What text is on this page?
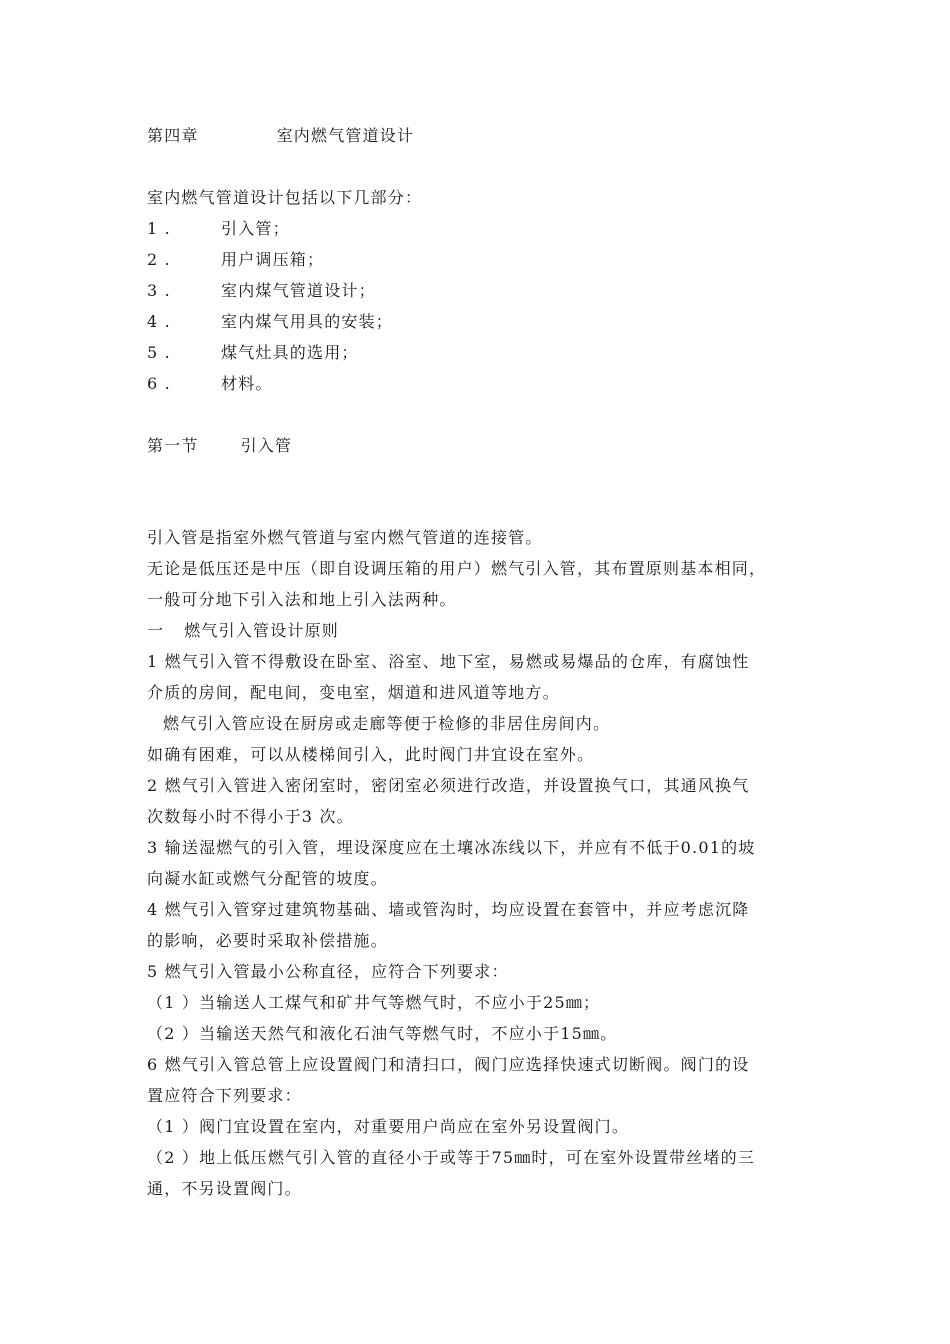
第四章	室内燃气管道设计
室内燃气管道设计包括以下几部分：
1 .	引入管；
2 .	用户调压箱；
3 .	室内煤气管道设计；
4 .	室内煤气用具的安装；
5 .	煤气灶具的选用；
6 .	材料。
第一节	引入管
引入管是指室外燃气管道与室内燃气管道的连接管。
无论是低压还是中压（即自设调压箱的用户）燃气引入管，其布置原则基本相同，
一般可分地下引入法和地上引入法两种。
一 燃气引入管设计原则
1 燃气引入管不得敷设在卧室、浴室、地下室，易燃或易爆品的仓库，有腐蚀性
介质的房间，配电间，变电室，烟道和进风道等地方。
燃气引入管应设在厨房或走廊等便于检修的非居住房间内。
如确有困难，可以从楼梯间引入，此时阀门井宜设在室外。
2 燃气引入管进入密闭室时，密闭室必须进行改造，并设置换气口，其通风换气
次数每小时不得小于3 次。
3 输送湿燃气的引入管，埋设深度应在土壤冰冻线以下，并应有不低于0.01的坡
向凝水缸或燃气分配管的坡度。
4 燃气引入管穿过建筑物基础、墙或管沟时，均应设置在套管中，并应考虑沉降
的影响，必要时采取补偿措施。
5 燃气引入管最小公称直径，应符合下列要求：
（1 ）当输送人工煤气和矿井气等燃气时，不应小于25㎜；
（2 ）当输送天然气和液化石油气等燃气时，不应小于15㎜。
6 燃气引入管总管上应设置阀门和清扫口，阀门应选择快速式切断阀。阀门的设
置应符合下列要求：
（1 ）阀门宜设置在室内，对重要用户尚应在室外另设置阀门。
（2 ）地上低压燃气引入管的直径小于或等于75㎜时，可在室外设置带丝堵的三
通，不另设置阀门。
